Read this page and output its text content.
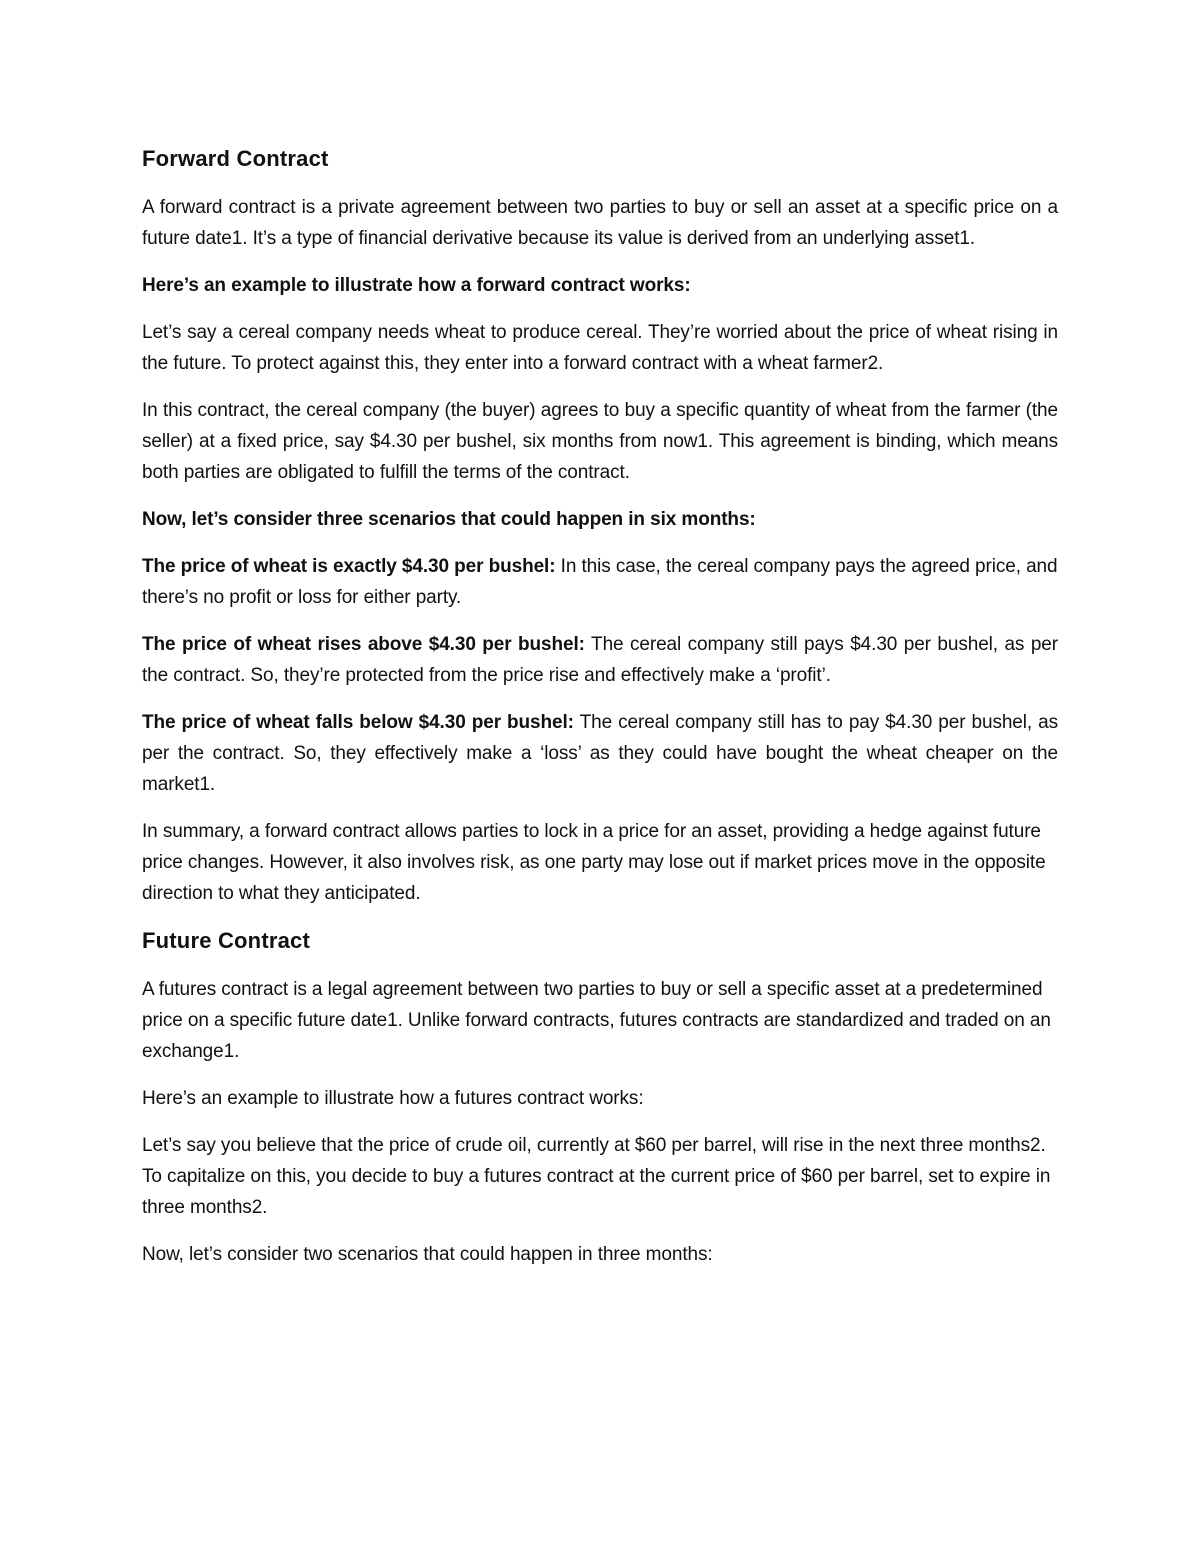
Forward Contract

A forward contract is a private agreement between two parties to buy or sell an asset at a specific price on a future date1. It’s a type of financial derivative because its value is derived from an underlying asset1.

Here’s an example to illustrate how a forward contract works:

Let’s say a cereal company needs wheat to produce cereal. They’re worried about the price of wheat rising in the future. To protect against this, they enter into a forward contract with a wheat farmer2.

In this contract, the cereal company (the buyer) agrees to buy a specific quantity of wheat from the farmer (the seller) at a fixed price, say $4.30 per bushel, six months from now1. This agreement is binding, which means both parties are obligated to fulfill the terms of the contract.

Now, let’s consider three scenarios that could happen in six months:

The price of wheat is exactly $4.30 per bushel: In this case, the cereal company pays the agreed price, and there’s no profit or loss for either party.

The price of wheat rises above $4.30 per bushel: The cereal company still pays $4.30 per bushel, as per the contract. So, they’re protected from the price rise and effectively make a ‘profit’.

The price of wheat falls below $4.30 per bushel: The cereal company still has to pay $4.30 per bushel, as per the contract. So, they effectively make a ‘loss’ as they could have bought the wheat cheaper on the market1.

In summary, a forward contract allows parties to lock in a price for an asset, providing a hedge against future price changes. However, it also involves risk, as one party may lose out if market prices move in the opposite direction to what they anticipated.

Future Contract

A futures contract is a legal agreement between two parties to buy or sell a specific asset at a predetermined price on a specific future date1. Unlike forward contracts, futures contracts are standardized and traded on an exchange1.

Here’s an example to illustrate how a futures contract works:

Let’s say you believe that the price of crude oil, currently at $60 per barrel, will rise in the next three months2. To capitalize on this, you decide to buy a futures contract at the current price of $60 per barrel, set to expire in three months2.

Now, let’s consider two scenarios that could happen in three months:
